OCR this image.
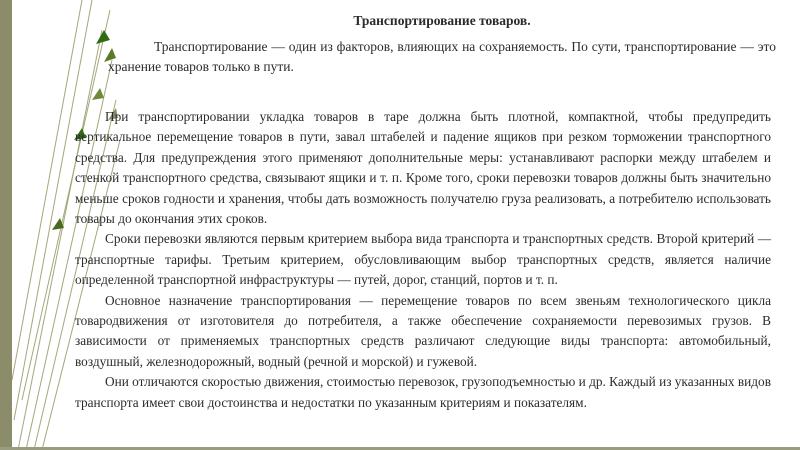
Транспортирование товаров.

Транспортирование — один из факторов, влияющих на сохраняемость. По сути, транспортирование — это хранение товаров только в пути.

При транспортировании укладка товаров в таре должна быть плотной, компактной, чтобы предупредить вертикальное перемещение товаров в пути, завал штабелей и падение ящиков при резком торможении транспортного средства. Для предупреждения этого применяют дополнительные меры: устанавливают распорки между штабелем и стенкой транспортного средства, связывают ящики и т. п. Кроме того, сроки перевозки товаров должны быть значительно меньше сроков годности и хранения, чтобы дать возможность получателю груза реализовать, а потребителю использовать товары до окончания этих сроков.

Сроки перевозки являются первым критерием выбора вида транспорта и транспортных средств. Второй критерий — транспортные тарифы. Третьим критерием, обусловливающим выбор транспортных средств, является наличие определенной транспортной инфраструктуры — путей, дорог, станций, портов и т. п.

Основное назначение транспортирования — перемещение товаров по всем звеньям технологического цикла товародвижения от изготовителя до потребителя, а также обеспечение сохраняемости перевозимых грузов. В зависимости от применяемых транспортных средств различают следующие виды транспорта: автомобильный, воздушный, железнодорожный, водный (речной и морской) и гужевой.

Они отличаются скоростью движения, стоимостью перевозок, грузоподъемностью и др. Каждый из указанных видов транспорта имеет свои достоинства и недостатки по указанным критериям и показателям.
